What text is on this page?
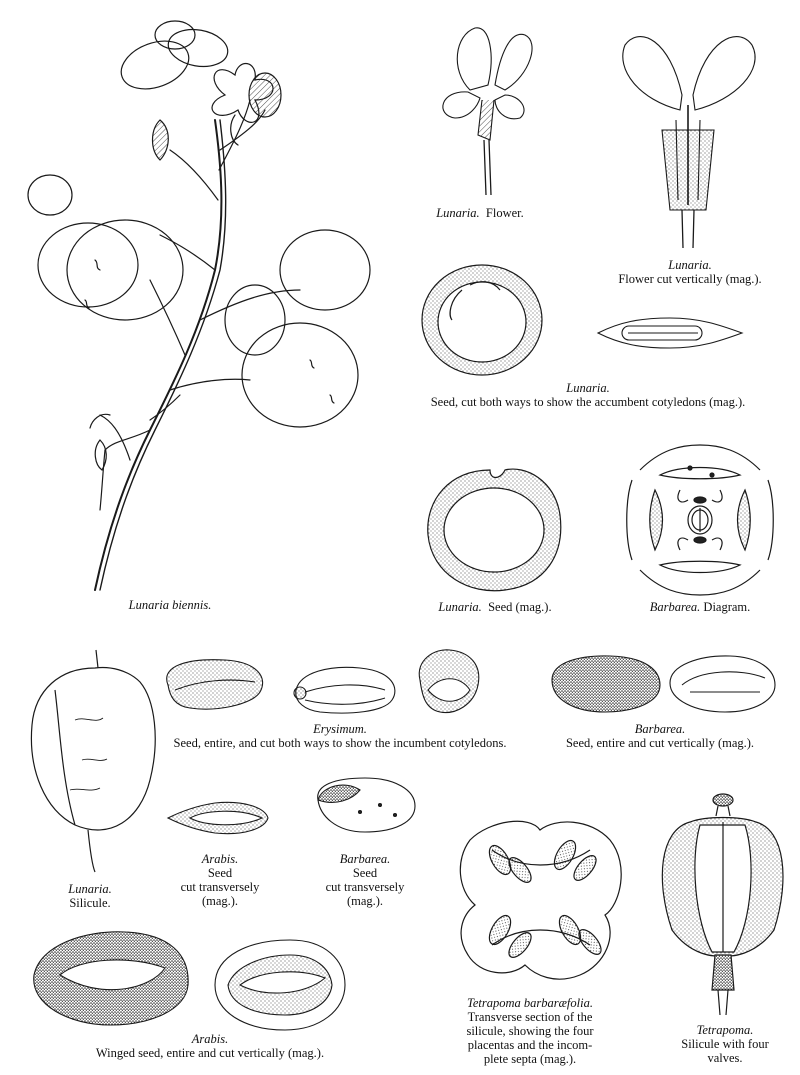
Lunaria biennis.
Lunaria. Flower.
Lunaria.
Flower cut vertically (mag.).
Lunaria.
Seed, cut both ways to show the accumbent cotyledons (mag.).
Lunaria. Seed (mag.).	Barbarea. Diagram.
Erysimum.
Seed, entire, and cut both ways to show the incumbent cotyledons.
Barbarea.
Seed, entire and cut vertically (mag.).
Lunaria.
Silicule.
Arabis.
Seed
cut transversely
(mag.).
Barbarea.
Seed
cut transversely
(mag.).
Arabis.
Winged seed, entire and cut vertically (mag.).
Tetrapoma barbaræfolia.
Transverse section of the
silicule, showing the four
placentas and the incom-
plete septa (mag.).
Tetrapoma.
Silicule with four
valves.
